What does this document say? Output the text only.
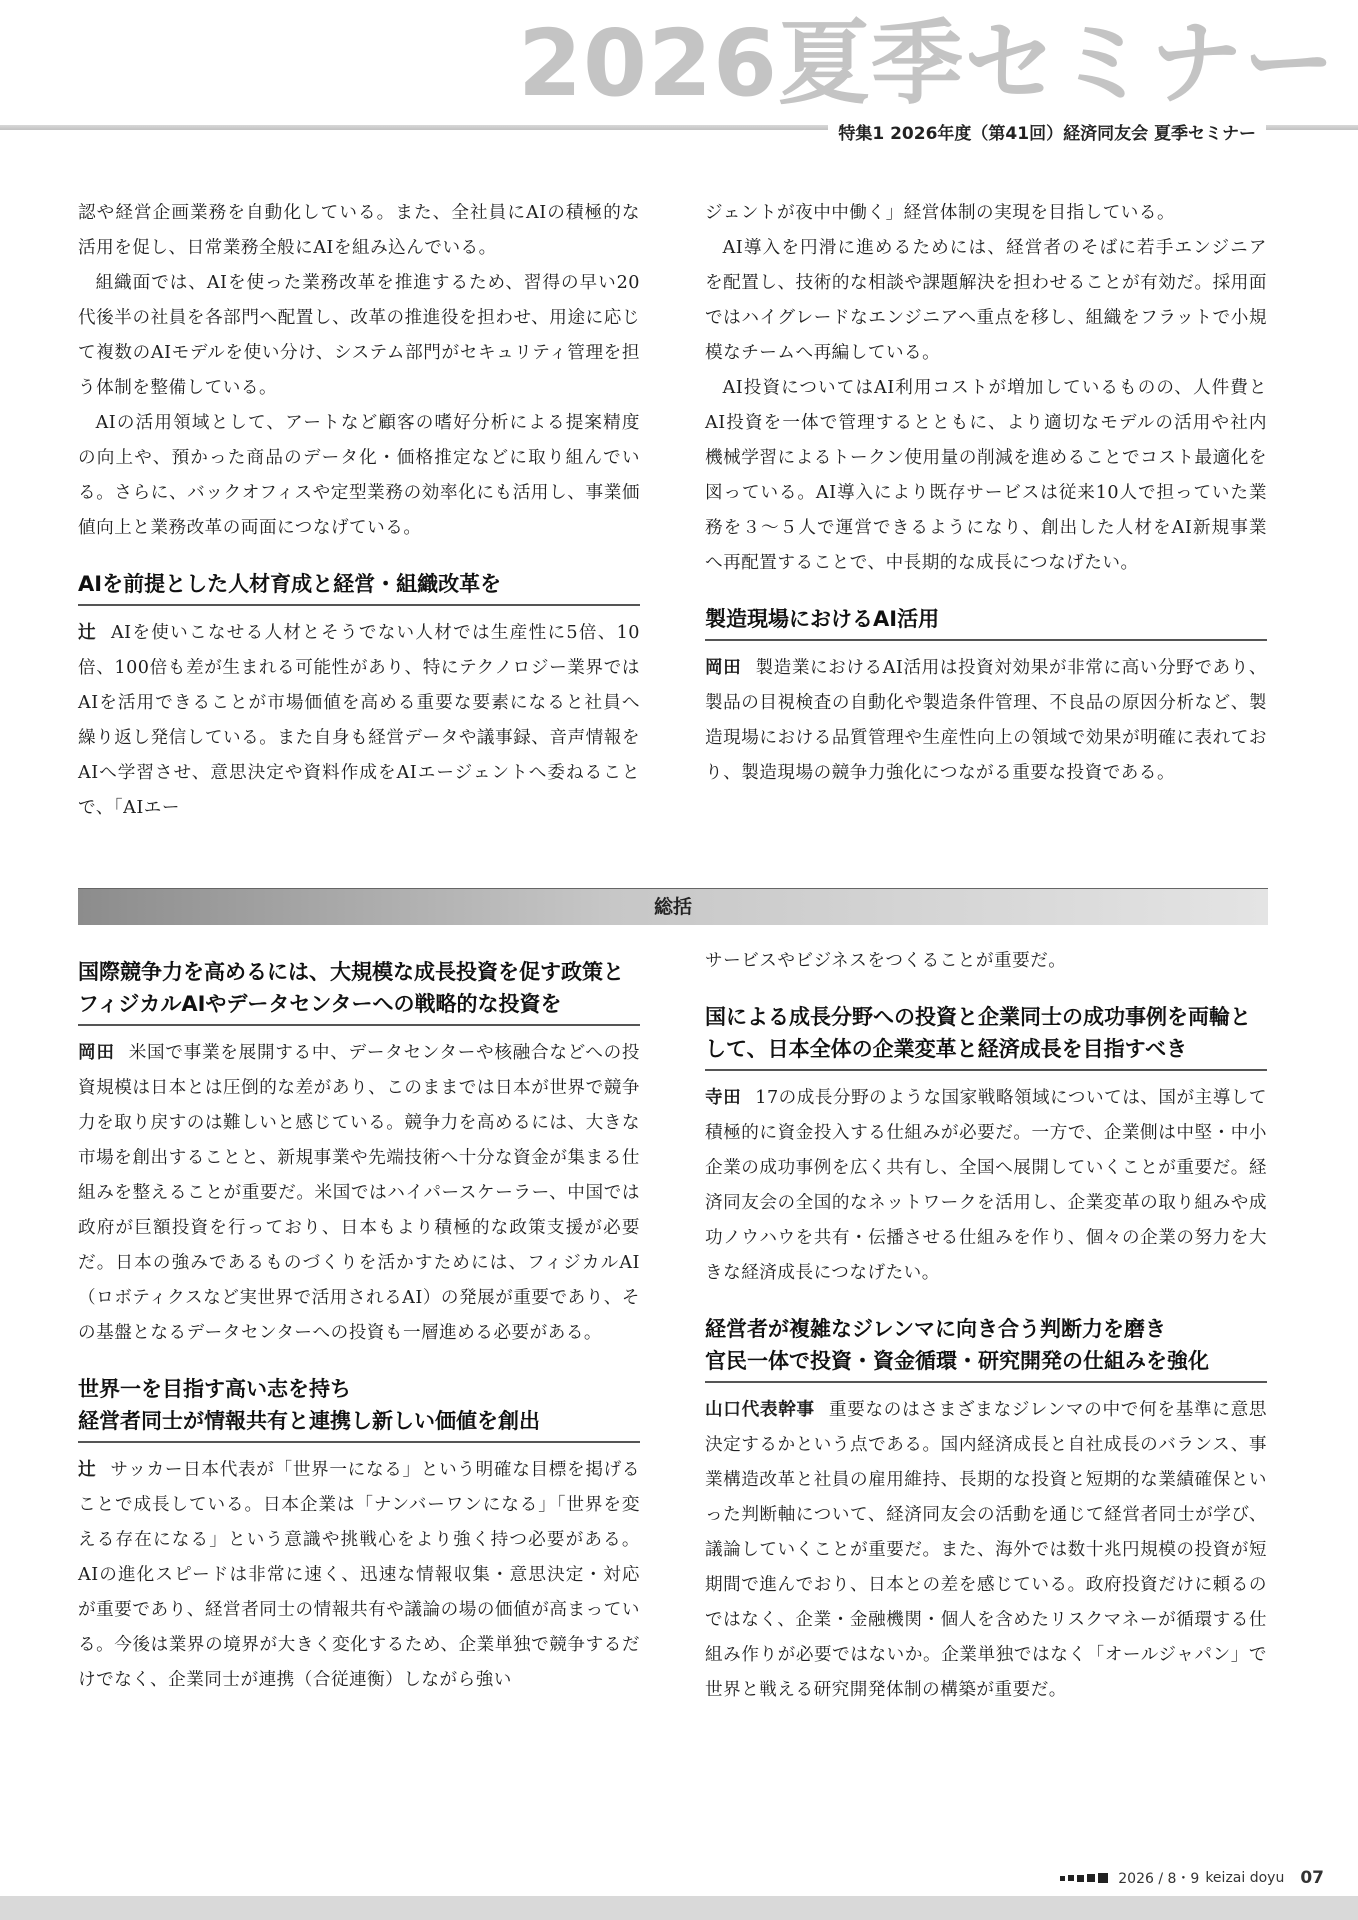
2026夏季セミナー
特集1 2026年度（第41回）経済同友会 夏季セミナー

認や経営企画業務を自動化している。また、全社員にAIの積極的な活用を促し、日常業務全般にAIを組み込んでいる。

組織面では、AIを使った業務改革を推進するため、習得の早い20代後半の社員を各部門へ配置し、改革の推進役を担わせ、用途に応じて複数のAIモデルを使い分け、システム部門がセキュリティ管理を担う体制を整備している。

AIの活用領域として、アートなど顧客の嗜好分析による提案精度の向上や、預かった商品のデータ化・価格推定などに取り組んでいる。さらに、バックオフィスや定型業務の効率化にも活用し、事業価値向上と業務改革の両面につなげている。

AIを前提とした人材育成と経営・組織改革を

辻 AIを使いこなせる人材とそうでない人材では生産性に5倍、10倍、100倍も差が生まれる可能性があり、特にテクノロジー業界ではAIを活用できることが市場価値を高める重要な要素になると社員へ繰り返し発信している。また自身も経営データや議事録、音声情報をAIへ学習させ、意思決定や資料作成をAIエージェントへ委ねることで、「AIエー

ジェントが夜中中働く」経営体制の実現を目指している。

AI導入を円滑に進めるためには、経営者のそばに若手エンジニアを配置し、技術的な相談や課題解決を担わせることが有効だ。採用面ではハイグレードなエンジニアへ重点を移し、組織をフラットで小規模なチームへ再編している。

AI投資についてはAI利用コストが増加しているものの、人件費とAI投資を一体で管理するとともに、より適切なモデルの活用や社内機械学習によるトークン使用量の削減を進めることでコスト最適化を図っている。AI導入により既存サービスは従来10人で担っていた業務を３～５人で運営できるようになり、創出した人材をAI新規事業へ再配置することで、中長期的な成長につなげたい。

製造現場におけるAI活用

岡田 製造業におけるAI活用は投資対効果が非常に高い分野であり、製品の目視検査の自動化や製造条件管理、不良品の原因分析など、製造現場における品質管理や生産性向上の領域で効果が明確に表れており、製造現場の競争力強化につながる重要な投資である。

総括
国際競争力を高めるには、大規模な成長投資を促す政策と
フィジカルAIやデータセンターへの戦略的な投資を

岡田 米国で事業を展開する中、データセンターや核融合などへの投資規模は日本とは圧倒的な差があり、このままでは日本が世界で競争力を取り戻すのは難しいと感じている。競争力を高めるには、大きな市場を創出することと、新規事業や先端技術へ十分な資金が集まる仕組みを整えることが重要だ。米国ではハイパースケーラー、中国では政府が巨額投資を行っており、日本もより積極的な政策支援が必要だ。日本の強みであるものづくりを活かすためには、フィジカルAI（ロボティクスなど実世界で活用されるAI）の発展が重要であり、その基盤となるデータセンターへの投資も一層進める必要がある。

世界一を目指す高い志を持ち
経営者同士が情報共有と連携し新しい価値を創出

辻 サッカー日本代表が「世界一になる」という明確な目標を掲げることで成長している。日本企業は「ナンバーワンになる」「世界を変える存在になる」という意識や挑戦心をより強く持つ必要がある。AIの進化スピードは非常に速く、迅速な情報収集・意思決定・対応が重要であり、経営者同士の情報共有や議論の場の価値が高まっている。今後は業界の境界が大きく変化するため、企業単独で競争するだけでなく、企業同士が連携（合従連衡）しながら強い

サービスやビジネスをつくることが重要だ。

国による成長分野への投資と企業同士の成功事例を両輪と
して、日本全体の企業変革と経済成長を目指すべき

寺田 17の成長分野のような国家戦略領域については、国が主導して積極的に資金投入する仕組みが必要だ。一方で、企業側は中堅・中小企業の成功事例を広く共有し、全国へ展開していくことが重要だ。経済同友会の全国的なネットワークを活用し、企業変革の取り組みや成功ノウハウを共有・伝播させる仕組みを作り、個々の企業の努力を大きな経済成長につなげたい。

経営者が複雑なジレンマに向き合う判断力を磨き
官民一体で投資・資金循環・研究開発の仕組みを強化

山口代表幹事 重要なのはさまざまなジレンマの中で何を基準に意思決定するかという点である。国内経済成長と自社成長のバランス、事業構造改革と社員の雇用維持、長期的な投資と短期的な業績確保といった判断軸について、経済同友会の活動を通じて経営者同士が学び、議論していくことが重要だ。また、海外では数十兆円規模の投資が短期間で進んでおり、日本との差を感じている。政府投資だけに頼るのではなく、企業・金融機関・個人を含めたリスクマネーが循環する仕組み作りが必要ではないか。企業単独ではなく「オールジャパン」で世界と戦える研究開発体制の構築が重要だ。

2026 / 8・9 keizai doyu 07
